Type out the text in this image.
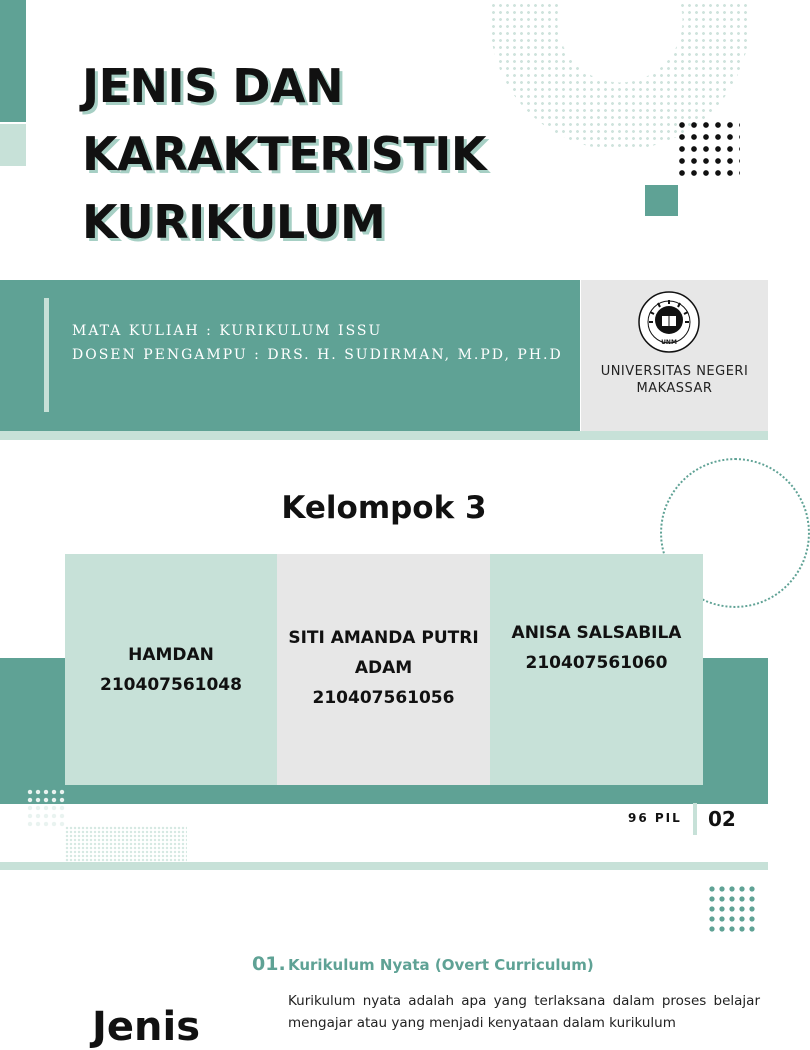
JENIS DAN
KARAKTERISTIK
KURIKULUM
MATA KULIAH : KURIKULUM ISSU
DOSEN PENGAMPU : DRS. H. SUDIRMAN, M.PD, PH.D
UNM
UNIVERSITAS NEGERI
MAKASSAR
Kelompok 3
HAMDAN
210407561048
SITI AMANDA PUTRI
ADAM
210407561056
ANISA SALSABILA
210407561060
96 PIL 02
01. Kurikulum Nyata (Overt Curriculum)

Kurikulum nyata adalah apa yang terlaksana dalam proses belajar mengajar atau yang menjadi kenyataan dalam kurikulum

Jenis
